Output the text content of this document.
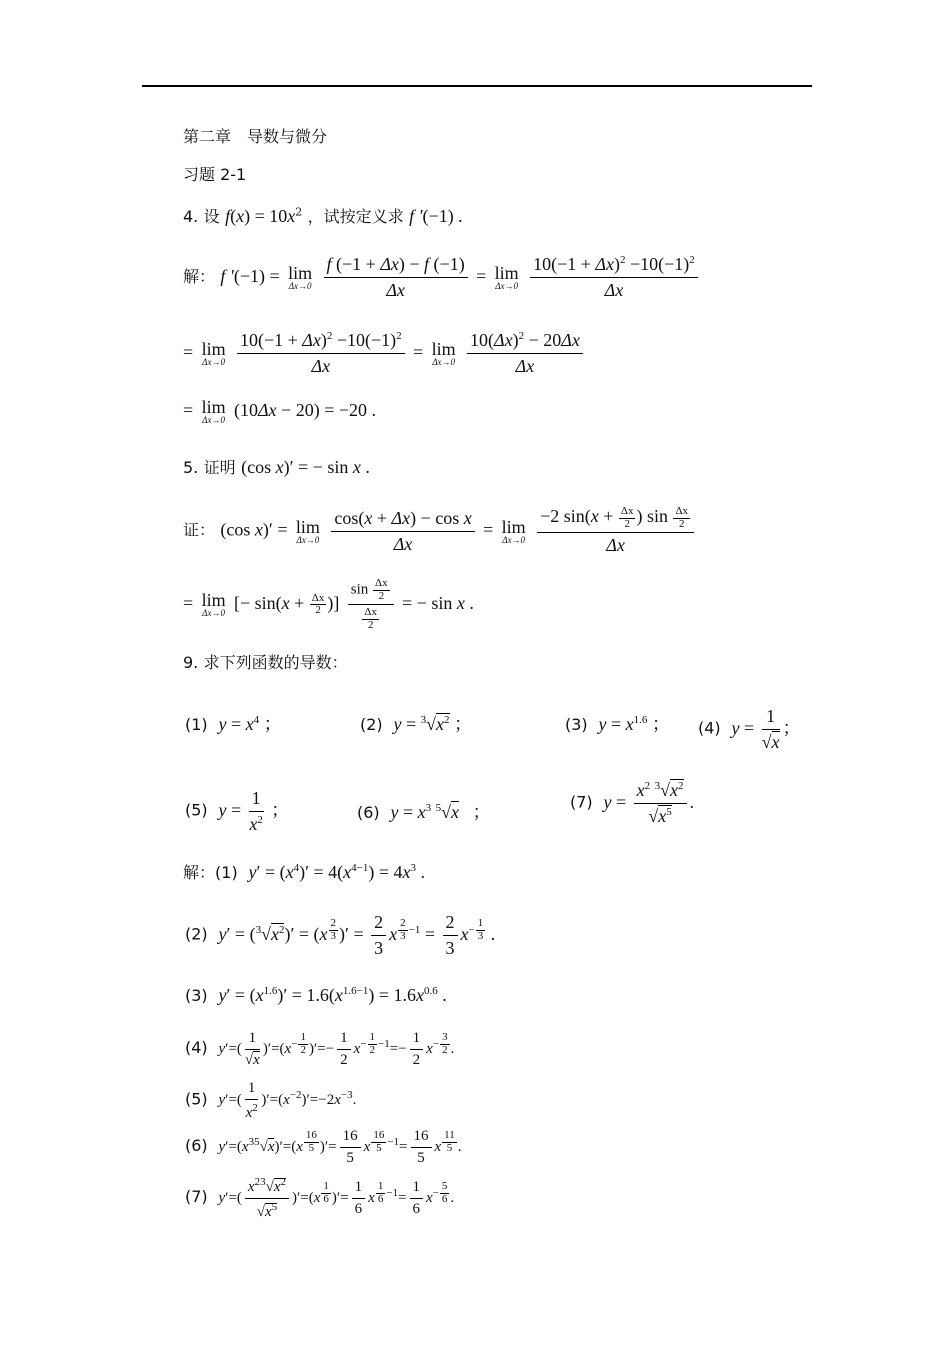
第二章　导数与微分
习题 2-1
4. 设 $f(x) = 10x^2$ ，试按定义求 f ′(−1) .
解： f ′(−1) = lim
Δx→0
$\frac{f (-1 + \Delta x) - f (-1)}{\Delta x} = \lim$
Δx→0
$\frac{10(-1 + \Delta x)^2 -10(-1)^2}{\Delta x}$
= lim
Δx→0
$\frac{10(-1 + \Delta x)^2 -10(-1)^2}{\Delta x} = \lim$
Δx→0
$\frac{10(\Delta x)^2 - 20\Delta x}{\Delta x}$
= lim
Δx→0 (10Δx − 20) = −20 .
5. 证明 (cos x)′ = − sin x .
证： (cos x)′ = lim
Δx→0
$\frac{\text{cos(x + Δx) − cos x}}{\Delta x} = \lim$
Δx→0
$\frac{-2 \sin(x + \frac{\Delta x}{2} ) \sin \frac{\Delta x}{2}}{\Delta x}$
= lim
Δx→0 [− $\sin(x + \frac{\Delta x}{2}$ )] $\frac{\sin \frac{\Delta x}{2}}{\frac{\Delta x}{2}}$ = − sin x .
9. 求下列函数的导数：
(1) $y = x^4$ ；	(2) $y = ^3√x^2$ ；	(3) $y = x^{1.6}$ ； (4) $y = \frac{1}{√x}$ ；
(5) $y = \frac{1}{x^2}$ ；	(6) $y = x^3$ $^5$√x   ；	(7) $y = \frac{x^2 ^3√x^2}{√x^5}$ .
解：(1) $y' = (x^4)' = 4(x^{4-1}) = 4x^3$ .
(2) $y' = (^3√x^2)' = (x$ $^{\frac{2}{3}}$ )′ = $\frac{2}{3}$ x $^{\frac{2}{3} -1} = \frac{2}{3} x^{- \frac{1}{3}}$ .
(3) $y' = (x^{1.6})' = 1.6(x^{1.6-1}) = 1.6x^{0.6}$ .
(4) $y'=( \frac{1}{√x} )'=(x^{- \frac{1}{2}}$ )′=− $\frac{1}{2} x^{- \frac{1}{2} -1}=- \frac{1}{2} x^{- \frac{3}{2}}$ .
(5) $y'=( \frac{1}{x^2} )'=(x^{-2})'=-2x^{-3}$.
(6) $y'=(x^{35}√x)'=(x$ $^{\frac{16}{5}}$ )′= $\frac{16}{5}$ x $^{\frac{16}{5} -1}= \frac{16}{5}$ x $^{\frac{11}{5}}$ .
(7) $y'=( \frac{x^{23}√x^2}{√x^5} )'=(x$ $^{\frac{1}{6}}$ )′= $\frac{1}{6}$ x $^{\frac{1}{6} -1}= \frac{1}{6} x^{- \frac{5}{6}}$ .
